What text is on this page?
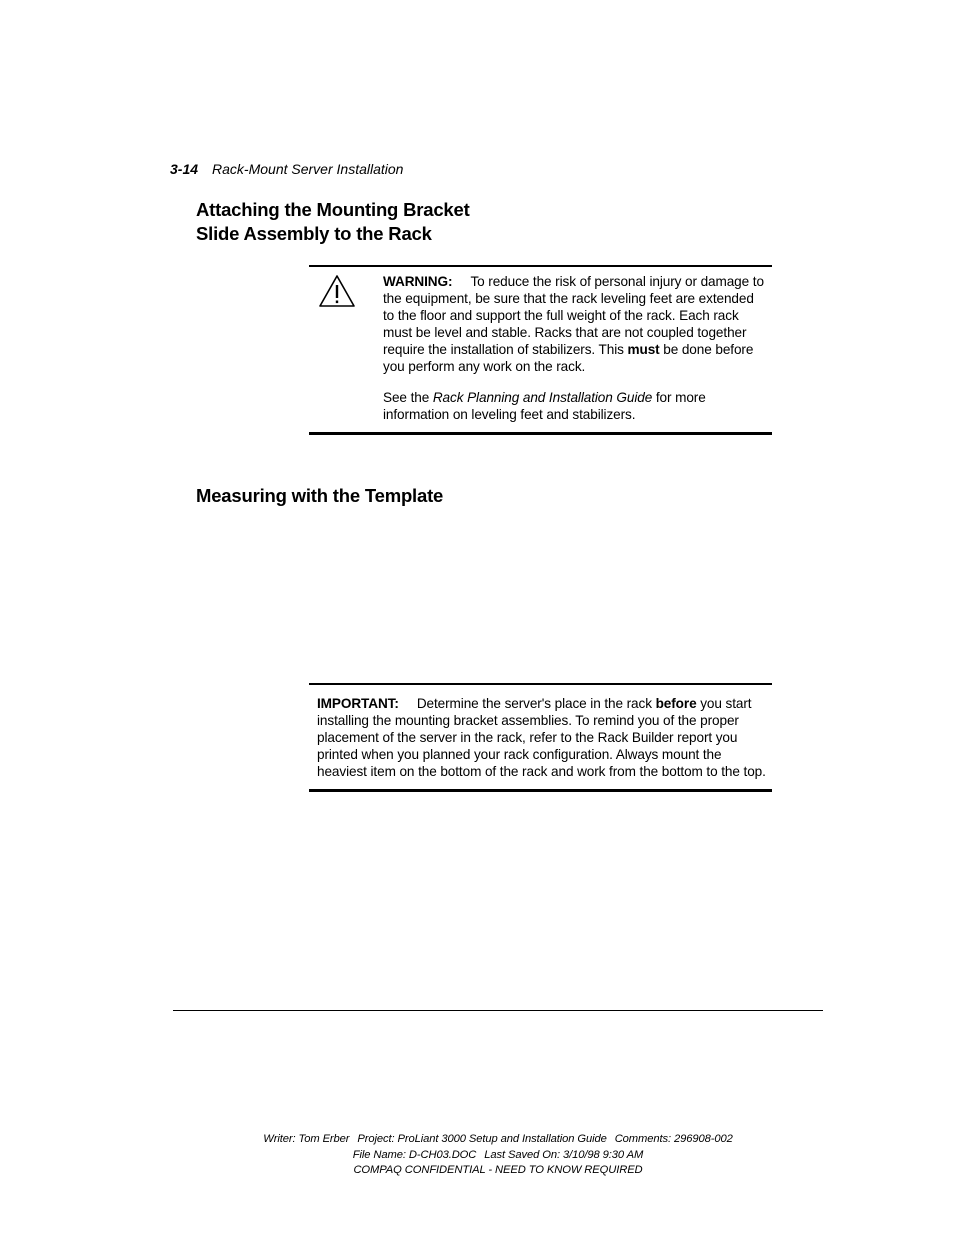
3-14 Rack-Mount Server Installation
Attaching the Mounting Bracket
Slide Assembly to the Rack

WARNING: To reduce the risk of personal injury or damage to the equipment, be sure that the rack leveling feet are extended to the floor and support the full weight of the rack. Each rack must be level and stable. Racks that are not coupled together require the installation of stabilizers. This must be done before you perform any work on the rack.

See the Rack Planning and Installation Guide for more information on leveling feet and stabilizers.

Measuring with the Template

IMPORTANT: Determine the server's place in the rack before you start installing the mounting bracket assemblies. To remind you of the proper placement of the server in the rack, refer to the Rack Builder report you printed when you planned your rack configuration. Always mount the heaviest item on the bottom of the rack and work from the bottom to the top.

Writer: Tom Erber Project: ProLiant 3000 Setup and Installation Guide Comments: 296908-002
File Name: D-CH03.DOC Last Saved On: 3/10/98 9:30 AM
COMPAQ CONFIDENTIAL - NEED TO KNOW REQUIRED
